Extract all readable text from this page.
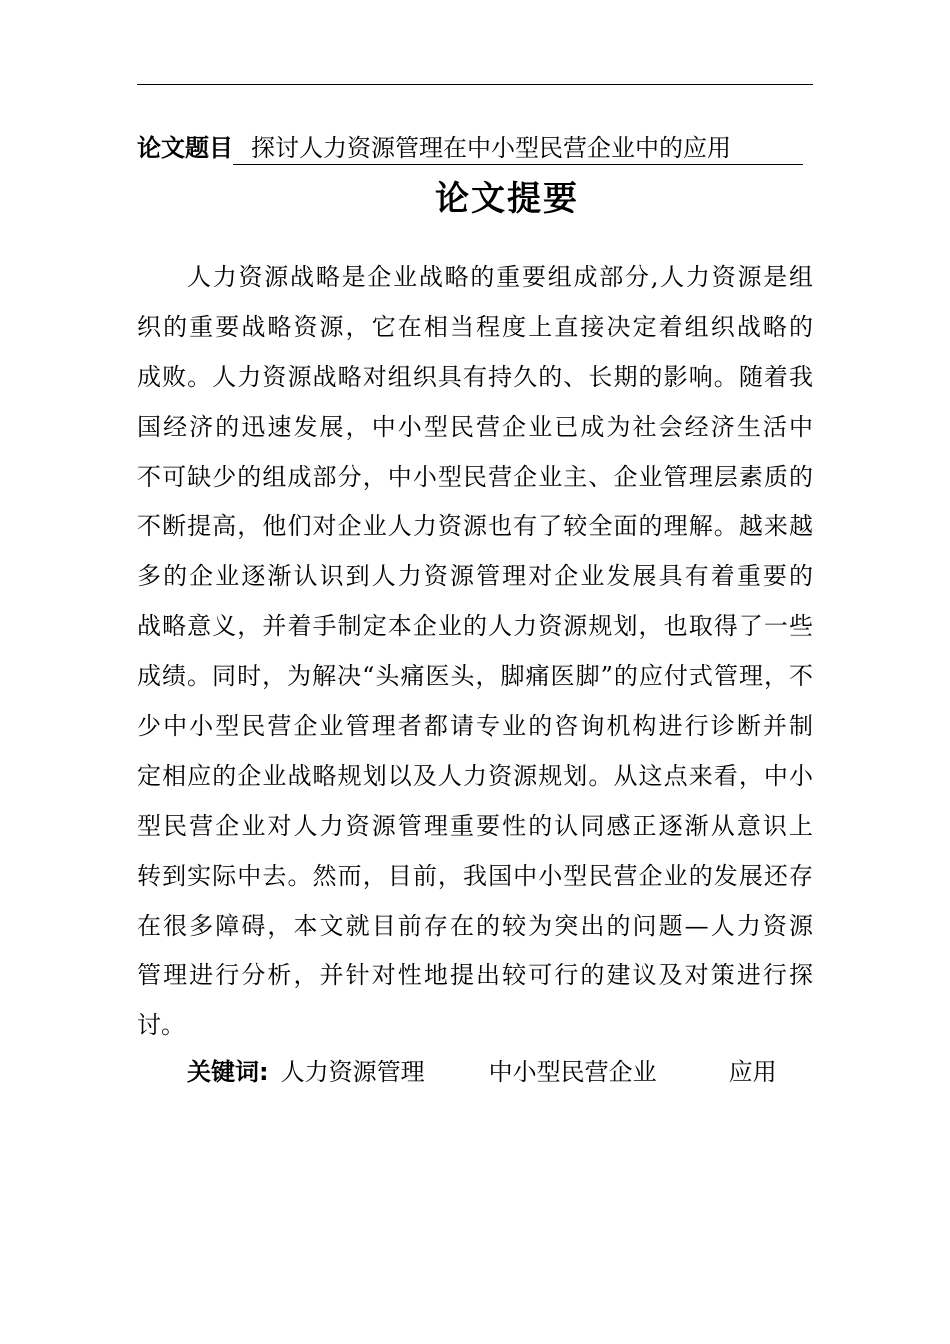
论文题目 探讨人力资源管理在中小型民营企业中的应用
论文提要
人力资源战略是企业战略的重要组成部分,人力资源是组
织的重要战略资源，它在相当程度上直接决定着组织战略的
成败。人力资源战略对组织具有持久的、长期的影响。随着我
国经济的迅速发展，中小型民营企业已成为社会经济生活中
不可缺少的组成部分，中小型民营企业主、企业管理层素质的
不断提高，他们对企业人力资源也有了较全面的理解。越来越
多的企业逐渐认识到人力资源管理对企业发展具有着重要的
战略意义，并着手制定本企业的人力资源规划，也取得了一些
成绩。同时，为解决“头痛医头，脚痛医脚”的应付式管理，不
少中小型民营企业管理者都请专业的咨询机构进行诊断并制
定相应的企业战略规划以及人力资源规划。从这点来看，中小
型民营企业对人力资源管理重要性的认同感正逐渐从意识上
转到实际中去。然而，目前，我国中小型民营企业的发展还存
在很多障碍，本文就目前存在的较为突出的问题—人力资源
管理进行分析，并针对性地提出较可行的建议及对策进行探
讨。
关键词: 人力资源管理	中小型民营企业	应用
